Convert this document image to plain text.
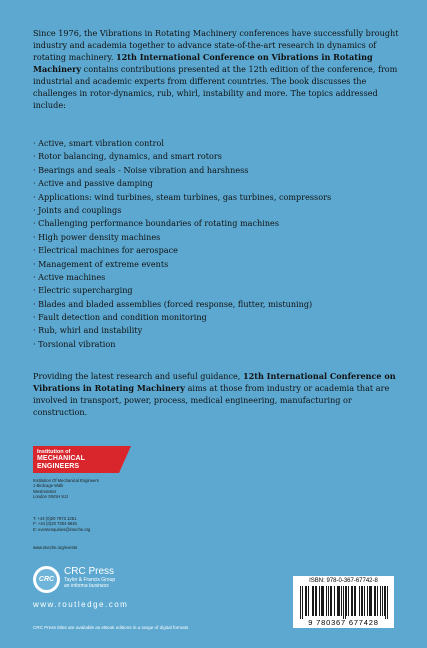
Since 1976, the Vibrations in Rotating Machinery conferences have successfully brought industry and academia together to advance state-of-the-art research in dynamics of rotating machinery. 12th International Conference on Vibrations in Rotating Machinery contains contributions presented at the 12th edition of the conference, from industrial and academic experts from different countries. The book discusses the challenges in rotor-dynamics, rub, whirl, instability and more. The topics addressed include:
· Active, smart vibration control
· Rotor balancing, dynamics, and smart rotors
· Bearings and seals - Noise vibration and harshness
· Active and passive damping
· Applications: wind turbines, steam turbines, gas turbines, compressors
· Joints and couplings
· Challenging performance boundaries of rotating machines
· High power density machines
· Electrical machines for aerospace
· Management of extreme events
· Active machines
· Electric supercharging
· Blades and bladed assemblies (forced response, flutter, mistuning)
· Fault detection and condition monitoring
· Rub, whirl and instability
· Torsional vibration
Providing the latest research and useful guidance, 12th International Conference on Vibrations in Rotating Machinery aims at those from industry or academia that are involved in transport, power, process, medical engineering, manufacturing or construction.
Institution of
MECHANICAL
ENGINEERS
Institution Of Mechanical Engineers
1 Birdcage Walk
Westminster
London SW1H 9JJ
T: +44 (0)20 7973 1251
F: +44 (0)20 7304 6845
E: eventenquiries@imeche.org
www.imeche.org/events
CRC
CRC Press
Taylor & Francis Group
an informa business
www.routledge.com
CRC Press titles are available as eBook editions in a range of digital formats
ISBN: 978-0-367-67742-8
9 780367 677428
